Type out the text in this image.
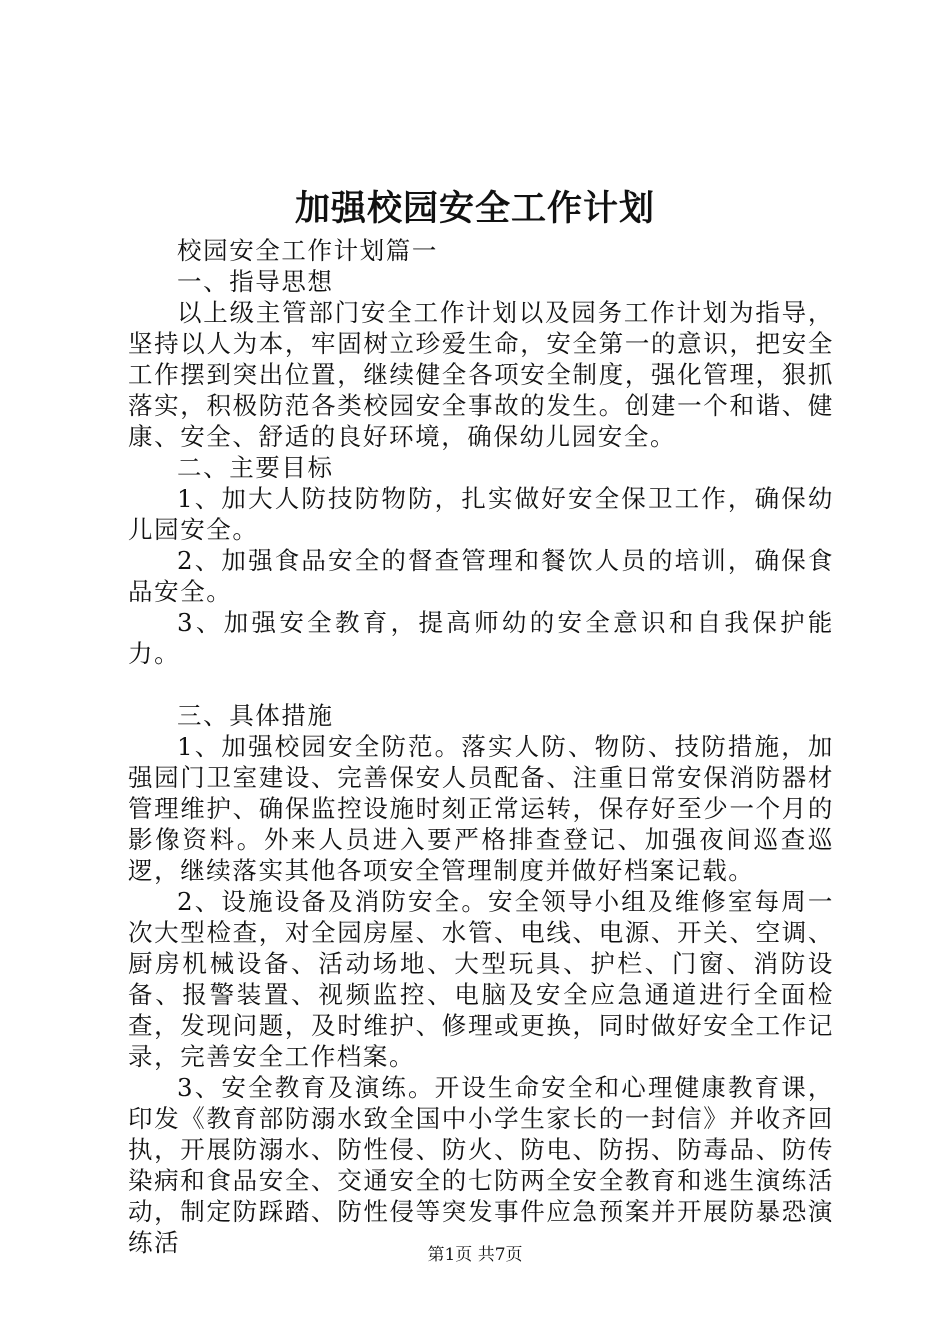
加强校园安全工作计划

校园安全工作计划篇一

一、指导思想

以上级主管部门安全工作计划以及园务工作计划为指导，坚持以人为本，牢固树立珍爱生命，安全第一的意识，把安全工作摆到突出位置，继续健全各项安全制度，强化管理，狠抓落实，积极防范各类校园安全事故的发生。创建一个和谐、健康、安全、舒适的良好环境，确保幼儿园安全。

二、主要目标

1、加大人防技防物防，扎实做好安全保卫工作，确保幼儿园安全。

2、加强食品安全的督查管理和餐饮人员的培训，确保食品安全。

3、加强安全教育，提高师幼的安全意识和自我保护能力。

三、具体措施

1、加强校园安全防范。落实人防、物防、技防措施，加强园门卫室建设、完善保安人员配备、注重日常安保消防器材管理维护、确保监控设施时刻正常运转，保存好至少一个月的影像资料。外来人员进入要严格排查登记、加强夜间巡查巡逻，继续落实其他各项安全管理制度并做好档案记载。

2、设施设备及消防安全。安全领导小组及维修室每周一次大型检查，对全园房屋、水管、电线、电源、开关、空调、厨房机械设备、活动场地、大型玩具、护栏、门窗、消防设备、报警装置、视频监控、电脑及安全应急通道进行全面检查，发现问题，及时维护、修理或更换，同时做好安全工作记录，完善安全工作档案。

3、安全教育及演练。开设生命安全和心理健康教育课，印发《教育部防溺水致全国中小学生家长的一封信》并收齐回执，开展防溺水、防性侵、防火、防电、防拐、防毒品、防传染病和食品安全、交通安全的七防两全安全教育和逃生演练活动，制定防踩踏、防性侵等突发事件应急预案并开展防暴恐演练活	第1页 共7页
